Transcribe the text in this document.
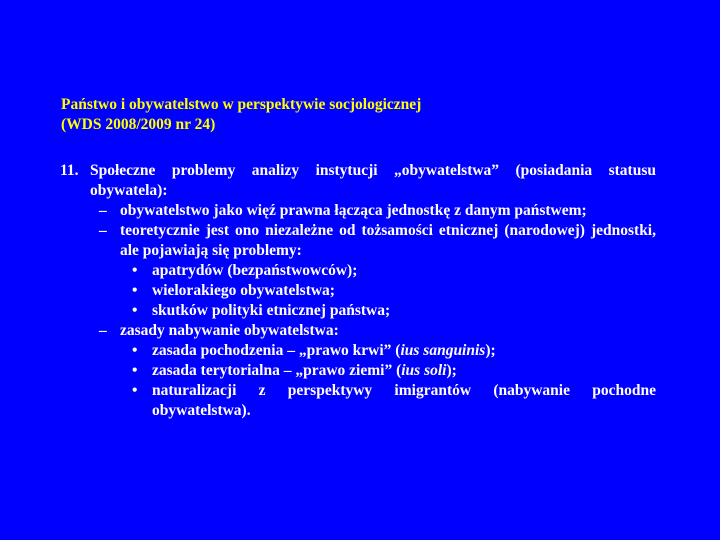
Państwo i obywatelstwo w perspektywie socjologicznej
(WDS 2008/2009 nr 24)
11. Społeczne problemy analizy instytucji „obywatelstwa” (posiadania statusu obywatela):
– obywatelstwo jako więź prawna łącząca jednostkę z danym państwem;
– teoretycznie jest ono niezależne od tożsamości etnicznej (narodowej) jednostki, ale pojawiają się problemy:
• apatrydów (bezpaństwowców);
• wielorakiego obywatelstwa;
• skutków polityki etnicznej państwa;
– zasady nabywanie obywatelstwa:
• zasada pochodzenia – „prawo krwi” (ius sanguinis);
• zasada terytorialna – „prawo ziemi” (ius soli);
• naturalizacji z perspektywy imigrantów (nabywanie pochodne obywatelstwa).
